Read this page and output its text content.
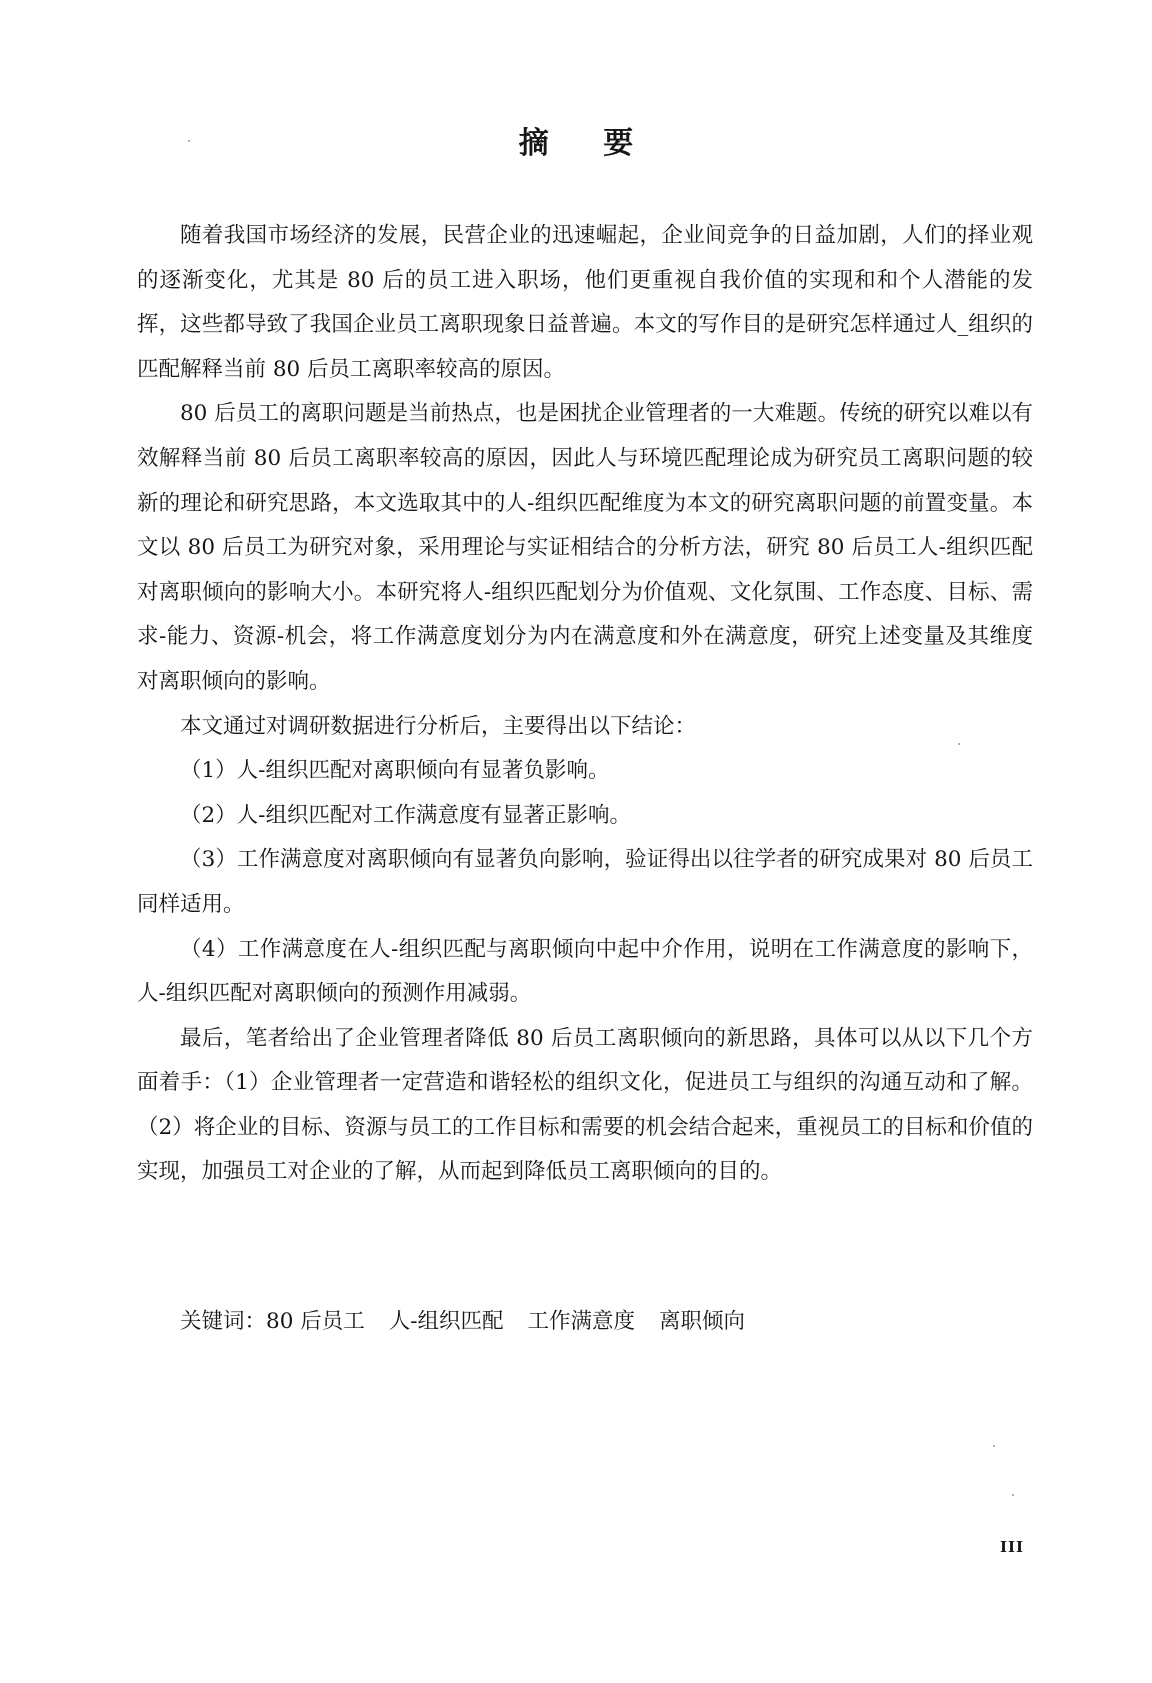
摘 要

随着我国市场经济的发展，民营企业的迅速崛起，企业间竞争的日益加剧，人们的择业观的逐渐变化，尤其是 80 后的员工进入职场，他们更重视自我价值的实现和和个人潜能的发挥，这些都导致了我国企业员工离职现象日益普遍。本文的写作目的是研究怎样通过人_组织的匹配解释当前 80 后员工离职率较高的原因。

80 后员工的离职问题是当前热点，也是困扰企业管理者的一大难题。传统的研究以难以有效解释当前 80 后员工离职率较高的原因，因此人与环境匹配理论成为研究员工离职问题的较新的理论和研究思路，本文选取其中的人-组织匹配维度为本文的研究离职问题的前置变量。本文以 80 后员工为研究对象，采用理论与实证相结合的分析方法，研究 80 后员工人-组织匹配对离职倾向的影响大小。本研究将人-组织匹配划分为价值观、文化氛围、工作态度、目标、需求-能力、资源-机会，将工作满意度划分为内在满意度和外在满意度，研究上述变量及其维度对离职倾向的影响。

本文通过对调研数据进行分析后，主要得出以下结论：

（1）人-组织匹配对离职倾向有显著负影响。

（2）人-组织匹配对工作满意度有显著正影响。

（3）工作满意度对离职倾向有显著负向影响，验证得出以往学者的研究成果对 80 后员工同样适用。

（4）工作满意度在人-组织匹配与离职倾向中起中介作用，说明在工作满意度的影响下，人-组织匹配对离职倾向的预测作用减弱。

最后，笔者给出了企业管理者降低 80 后员工离职倾向的新思路，具体可以从以下几个方面着手：（1）企业管理者一定营造和谐轻松的组织文化，促进员工与组织的沟通互动和了解。（2）将企业的目标、资源与员工的工作目标和需要的机会结合起来，重视员工的目标和价值的实现，加强员工对企业的了解，从而起到降低员工离职倾向的目的。

关键词：80 后员工 人-组织匹配 工作满意度 离职倾向
III
